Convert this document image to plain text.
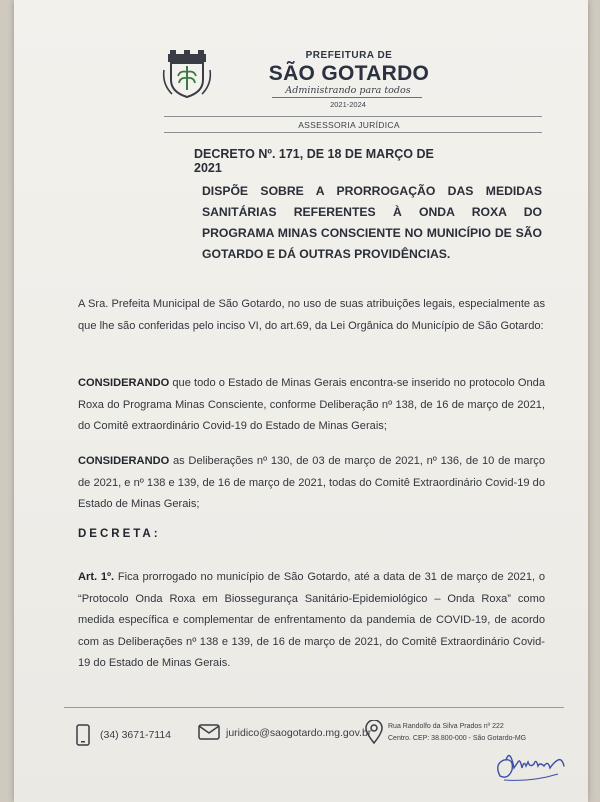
PREFEITURA DE
SÃO GOTARDO
Administrando para todos
2021-2024
ASSESSORIA JURÍDICA
DECRETO Nº. 171, DE 18 DE MARÇO DE 2021
DISPÕE SOBRE A PRORROGAÇÃO DAS MEDIDAS SANITÁRIAS REFERENTES À ONDA ROXA DO PROGRAMA MINAS CONSCIENTE NO MUNICÍPIO DE SÃO GOTARDO E DÁ OUTRAS PROVIDÊNCIAS.
A Sra. Prefeita Municipal de São Gotardo, no uso de suas atribuições legais, especialmente as que lhe são conferidas pelo inciso VI, do art.69, da Lei Orgânica do Município de São Gotardo:
CONSIDERANDO que todo o Estado de Minas Gerais encontra-se inserido no protocolo Onda Roxa do Programa Minas Consciente, conforme Deliberação nº 138, de 16 de março de 2021, do Comitê extraordinário Covid-19 do Estado de Minas Gerais;
CONSIDERANDO as Deliberações nº 130, de 03 de março de 2021, nº 136, de 10 de março de 2021, e nº 138 e 139, de 16 de março de 2021, todas do Comitê Extraordinário Covid-19 do Estado de Minas Gerais;
DECRETA:
Art. 1º. Fica prorrogado no município de São Gotardo, até a data de 31 de março de 2021, o “Protocolo Onda Roxa em Biossegurança Sanitário-Epidemiológico – Onda Roxa” como medida específica e complementar de enfrentamento da pandemia de COVID-19, de acordo com as Deliberações nº 138 e 139, de 16 de março de 2021, do Comitê Extraordinário Covid-19 do Estado de Minas Gerais.
(34) 3671-7114	juridico@saogotardo.mg.gov.br
Rua Randolfo da Silva Prados nº 222
Centro. CEP: 38.800-000 - São Gotardo-MG
